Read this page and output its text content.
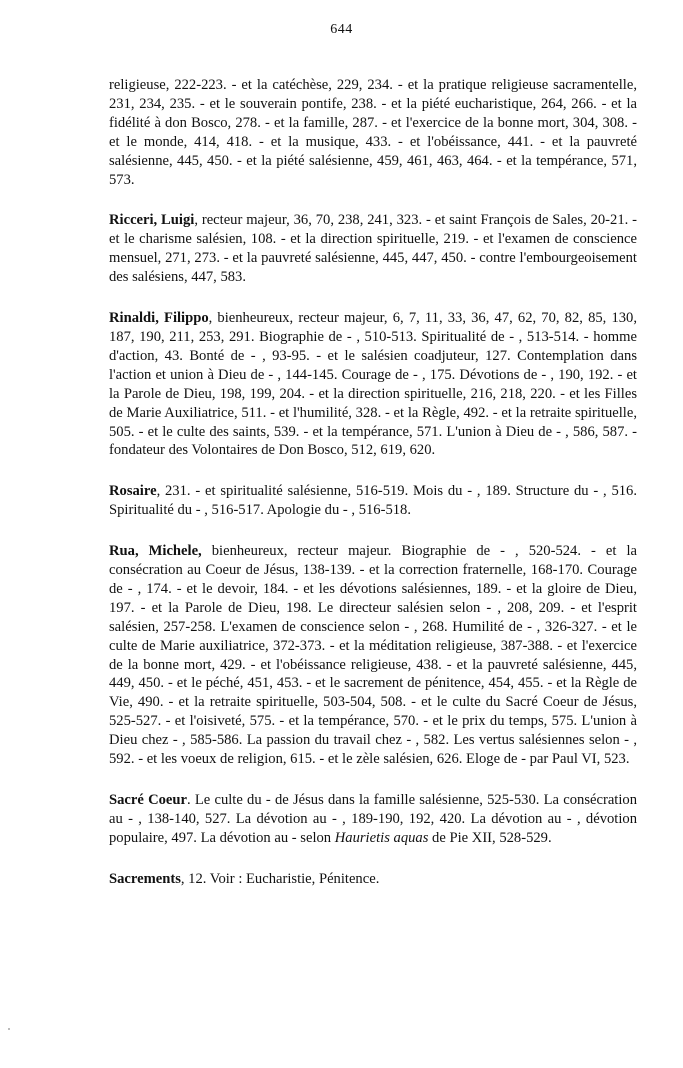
644

religieuse, 222-223. - et la catéchèse, 229, 234. - et la pratique religieuse sacramentelle, 231, 234, 235. - et le souverain pontife, 238. - et la piété eucharistique, 264, 266. - et la fidélité à don Bosco, 278. - et la famille, 287. - et l'exercice de la bonne mort, 304, 308. - et le monde, 414, 418. - et la musique, 433. - et l'obéissance, 441. - et la pauvreté salésienne, 445, 450. - et la piété salésienne, 459, 461, 463, 464. - et la tempérance, 571, 573.

Ricceri, Luigi, recteur majeur, 36, 70, 238, 241, 323. - et saint François de Sales, 20-21. - et le charisme salésien, 108. - et la direction spirituelle, 219. - et l'examen de conscience mensuel, 271, 273. - et la pauvreté salésienne, 445, 447, 450. - contre l'embourgeoisement des salésiens, 447, 583.

Rinaldi, Filippo, bienheureux, recteur majeur, 6, 7, 11, 33, 36, 47, 62, 70, 82, 85, 130, 187, 190, 211, 253, 291. Biographie de - , 510-513. Spiritualité de - , 513-514. - homme d'action, 43. Bonté de - , 93-95. - et le salésien coadjuteur, 127. Contemplation dans l'action et union à Dieu de - , 144-145. Courage de - , 175. Dévotions de - , 190, 192. - et la Parole de Dieu, 198, 199, 204. - et la direction spirituelle, 216, 218, 220. - et les Filles de Marie Auxiliatrice, 511. - et l'humilité, 328. - et la Règle, 492. - et la retraite spirituelle, 505. - et le culte des saints, 539. - et la tempérance, 571. L'union à Dieu de - , 586, 587. - fondateur des Volontaires de Don Bosco, 512, 619, 620.

Rosaire, 231. - et spiritualité salésienne, 516-519. Mois du - , 189. Structure du - , 516. Spiritualité du - , 516-517. Apologie du - , 516-518.

Rua, Michele, bienheureux, recteur majeur. Biographie de - , 520-524. - et la consécration au Coeur de Jésus, 138-139. - et la correction fraternelle, 168-170. Courage de - , 174. - et le devoir, 184. - et les dévotions salésiennes, 189. - et la gloire de Dieu, 197. - et la Parole de Dieu, 198. Le directeur salésien selon - , 208, 209. - et l'esprit salésien, 257-258. L'examen de conscience selon - , 268. Humilité de - , 326-327. - et le culte de Marie auxiliatrice, 372-373. - et la méditation religieuse, 387-388. - et l'exercice de la bonne mort, 429. - et l'obéissance religieuse, 438. - et la pauvreté salésienne, 445, 449, 450. - et le péché, 451, 453. - et le sacrement de pénitence, 454, 455. - et la Règle de Vie, 490. - et la retraite spirituelle, 503-504, 508. - et le culte du Sacré Coeur de Jésus, 525-527. - et l'oisiveté, 575. - et la tempérance, 570. - et le prix du temps, 575. L'union à Dieu chez - , 585-586. La passion du travail chez - , 582. Les vertus salésiennes selon - , 592. - et les voeux de religion, 615. - et le zèle salésien, 626. Eloge de - par Paul VI, 523.

Sacré Coeur. Le culte du - de Jésus dans la famille salésienne, 525-530. La consécration au - , 138-140, 527. La dévotion au - , 189-190, 192, 420. La dévotion au - , dévotion populaire, 497. La dévotion au - selon Haurietis aquas de Pie XII, 528-529.

Sacrements, 12. Voir : Eucharistie, Pénitence.
